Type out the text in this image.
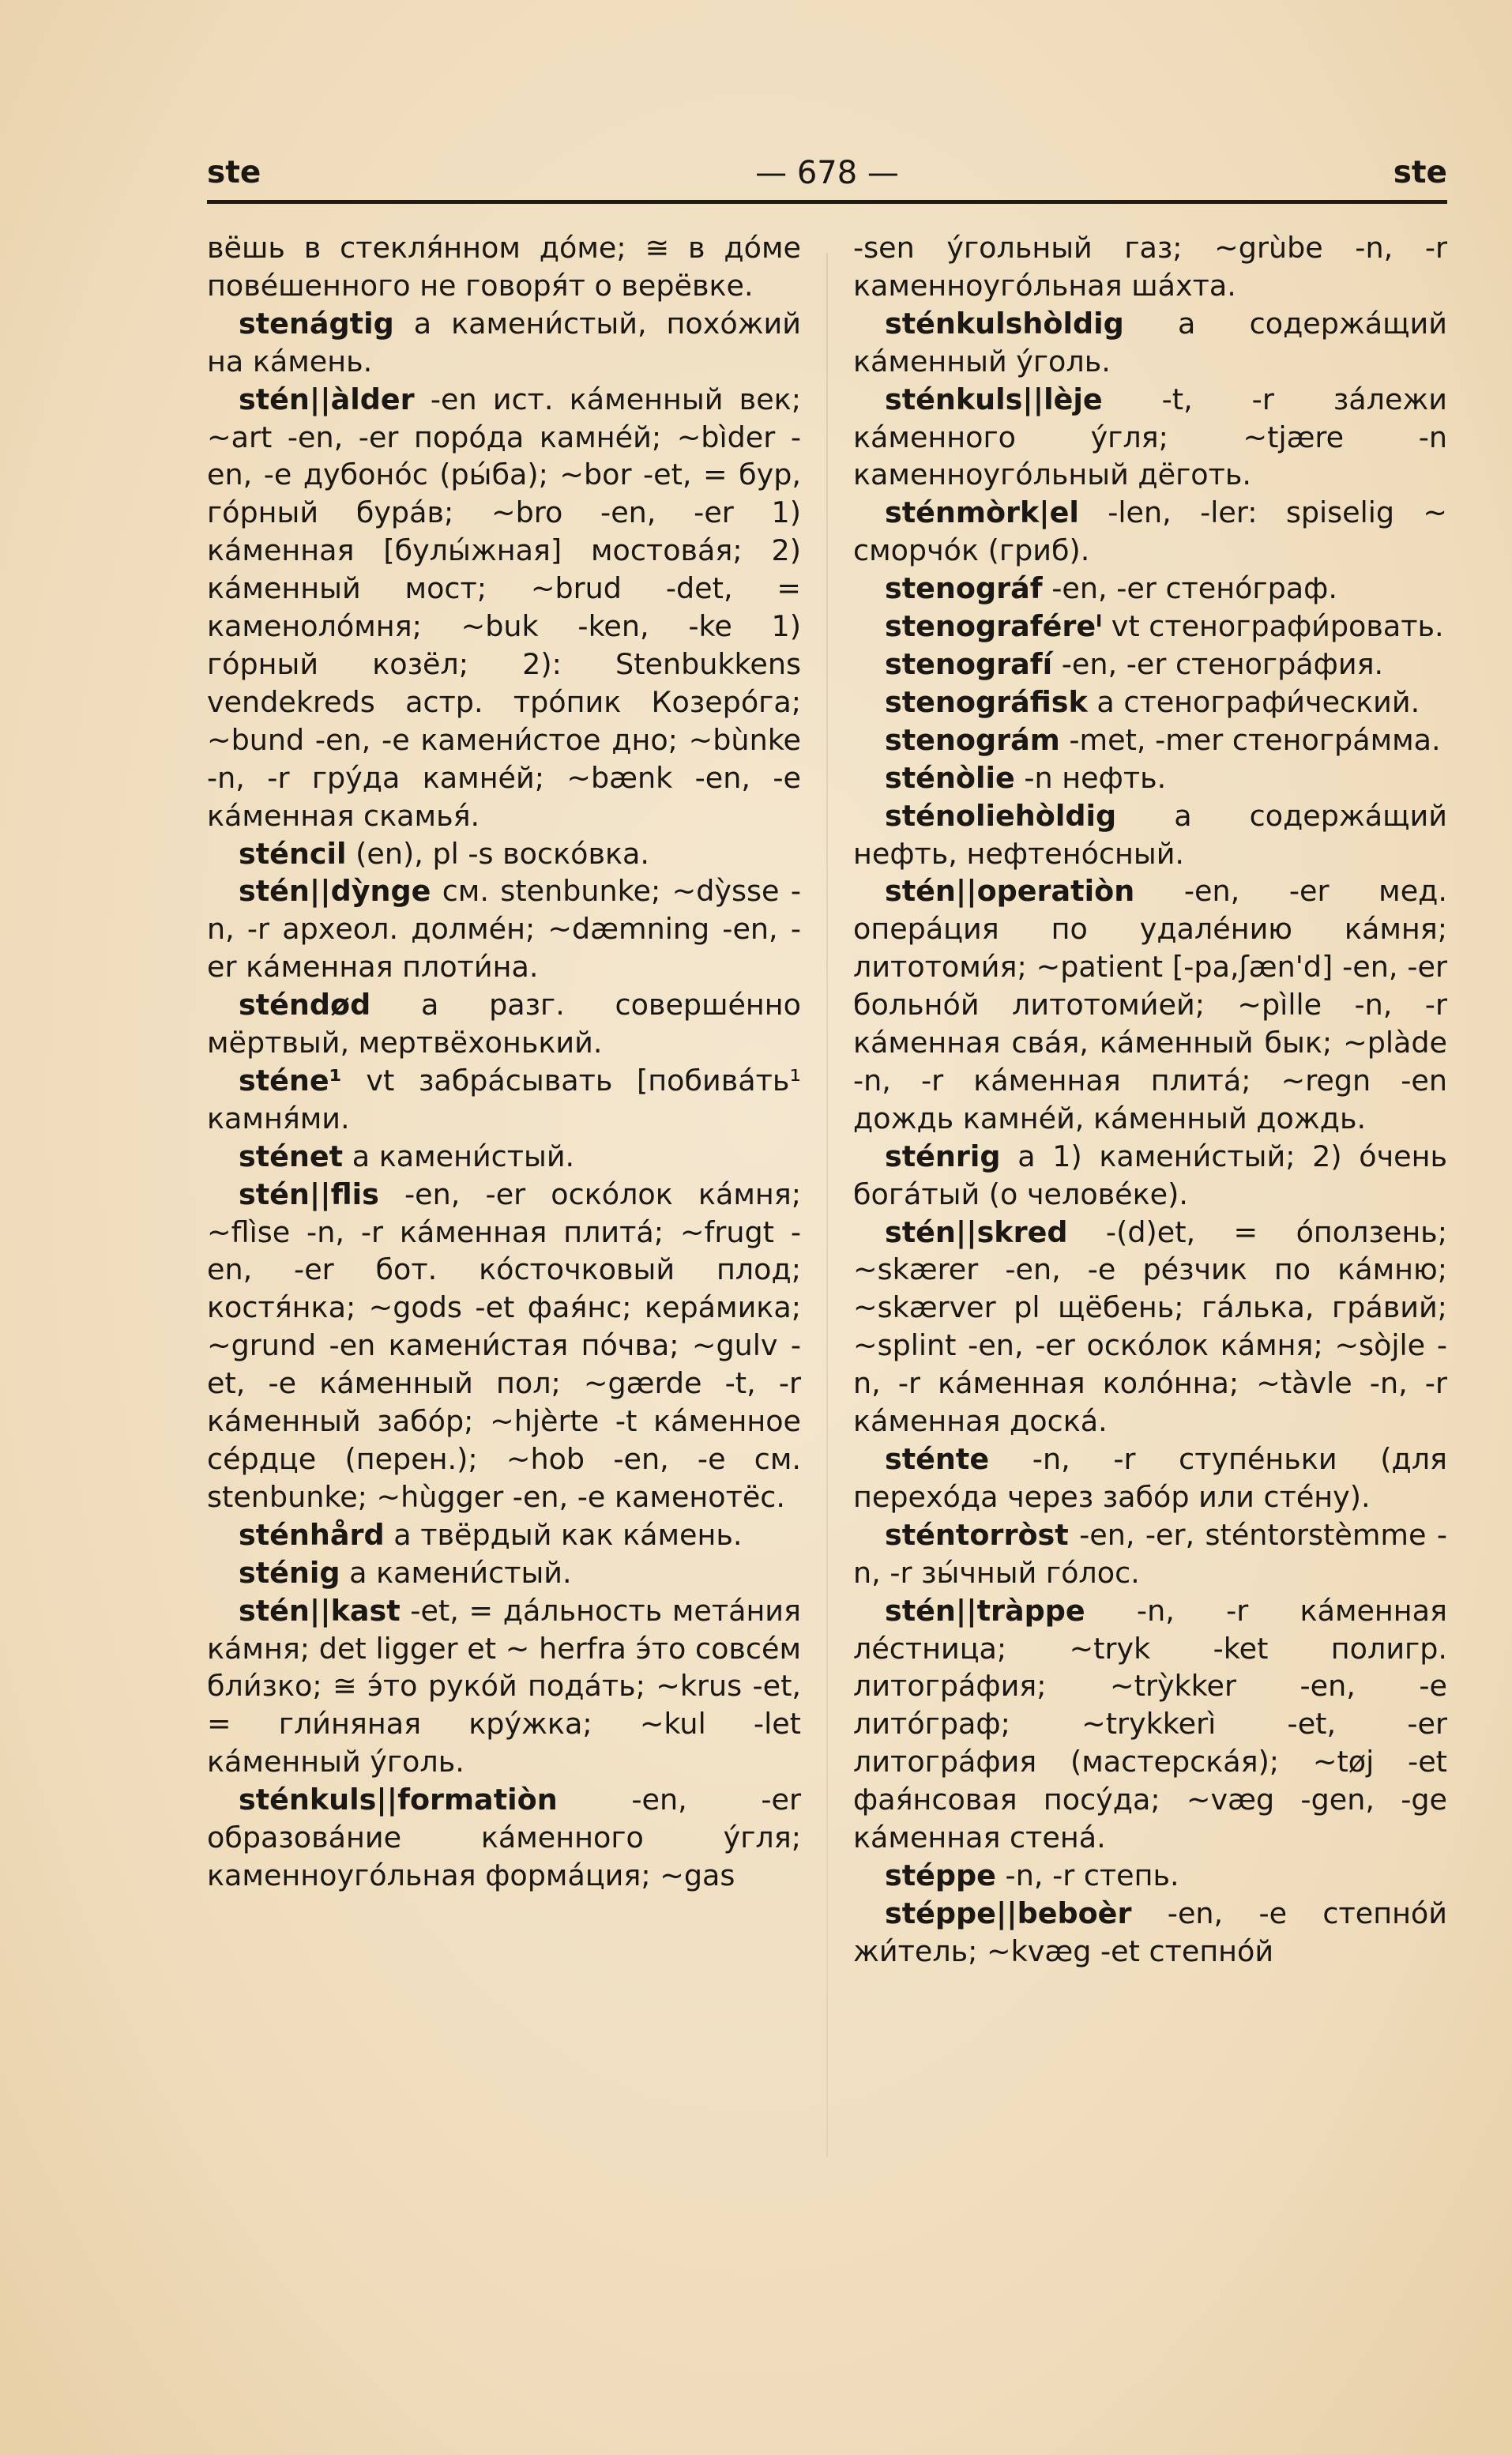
ste	— 678 —	ste

вёшь в стекля́нном до́ме; ≅ в до́ме пове́шенного не говоря́т о верёвке.

stenágtig а камени́стый, похо́жий на ка́мень.

stén||àlder -en ист. ка́менный век; ~art -en, -er поро́да камне́й; ~bìder -en, -e дубоно́с (ры́ба); ~bor -et, = бур, го́рный бура́в; ~bro -en, -er 1) ка́менная [булы́жная] мостова́я; 2) ка́менный мост; ~brud -det, = каменоло́мня; ~buk -ken, -ke 1) го́рный козёл; 2): Stenbukkens vendekreds астр. тро́пик Козеро́га; ~bund -en, -e камени́стое дно; ~bùnke -n, -r гру́да камне́й; ~bænk -en, -e ка́менная скамья́.

sténcil (en), pl -s воско́вка.

stén||dỳnge см. stenbunke; ~dỳsse -n, -r археол. долме́н; ~dæmning -en, -er ка́менная плоти́на.

sténdød а разг. соверше́нно мёртвый, мертвёхонький.

sténe¹ vt забра́сывать [побива́ть¹ камня́ми.

sténet а камени́стый.

stén||flis -en, -er оско́лок ка́мня; ~flìse -n, -r ка́менная плита́; ~frugt -en, -er бот. ко́сточковый плод; костя́нка; ~gods -et фая́нс; кера́мика; ~grund -en камени́стая по́чва; ~gulv -et, -e ка́менный пол; ~gærde -t, -r ка́менный забо́р; ~hjèrte -t ка́менное се́рдце (перен.); ~hob -en, -e см. stenbunke; ~hùgger -en, -e каменотёс.

sténhård а твёрдый как ка́мень.

sténig а камени́стый.

stén||kast -et, = да́льность мета́ния ка́мня; det ligger et ~ herfra э́то совсе́м бли́зко; ≅ э́то руко́й пода́ть; ~krus -et, = гли́няная кру́жка; ~kul -let ка́менный у́голь.

sténkuls||formatiòn -en, -er образова́ние ка́менного у́гля; каменноуго́льная форма́ция; ~gas

-sen у́гольный газ; ~grùbe -n, -r каменноуго́льная ша́хта.

sténkulshòldig а содержа́щий ка́менный у́голь.

sténkuls||lèje -t, -r за́лежи ка́менного у́гля; ~tjære -n каменноуго́льный дёготь.

sténmòrk|el -len, -ler: spiselig ~ сморчо́к (гриб).

stenográf -en, -er стено́граф.

stenograféreˡ vt стенографи́ровать.

stenografí -en, -er стеногра́фия.

stenográfisk а стенографи́ческий.

stenográm -met, -mer стеногра́мма.

sténòlie -n нефть.

sténoliehòldig а содержа́щий нефть, нефтено́сный.

stén||operatiòn -en, -er мед. опера́ция по удале́нию ка́мня; литотоми́я; ~patient [-pa,ʃæn'd] -en, -er больно́й литотоми́ей; ~pìlle -n, -r ка́менная сва́я, ка́менный бык; ~plàde -n, -r ка́менная плита́; ~regn -en дождь камне́й, ка́менный дождь.

sténrig а 1) камени́стый; 2) о́чень бога́тый (о челове́ке).

stén||skred -(d)et, = о́ползень; ~skærer -en, -e ре́зчик по ка́мню; ~skærver pl щёбень; га́лька, гра́вий; ~splint -en, -er оско́лок ка́мня; ~sòjle -n, -r ка́менная коло́нна; ~tàvle -n, -r ка́менная доска́.

sténte -n, -r ступе́ньки (для перехо́да через забо́р или сте́ну).

sténtorròst -en, -er, sténtorstèmme -n, -r зы́чный го́лос.

stén||tràppe -n, -r ка́менная ле́стница; ~tryk -ket полигр. литогра́фия; ~trỳkker -en, -e лито́граф; ~trykkerì -et, -er литогра́фия (мастерска́я); ~tøj -et фая́нсовая посу́да; ~væg -gen, -ge ка́менная стена́.

stéppe -n, -r степь.

stéppe||beboèr -en, -e степно́й жи́тель; ~kvæg -et степно́й
